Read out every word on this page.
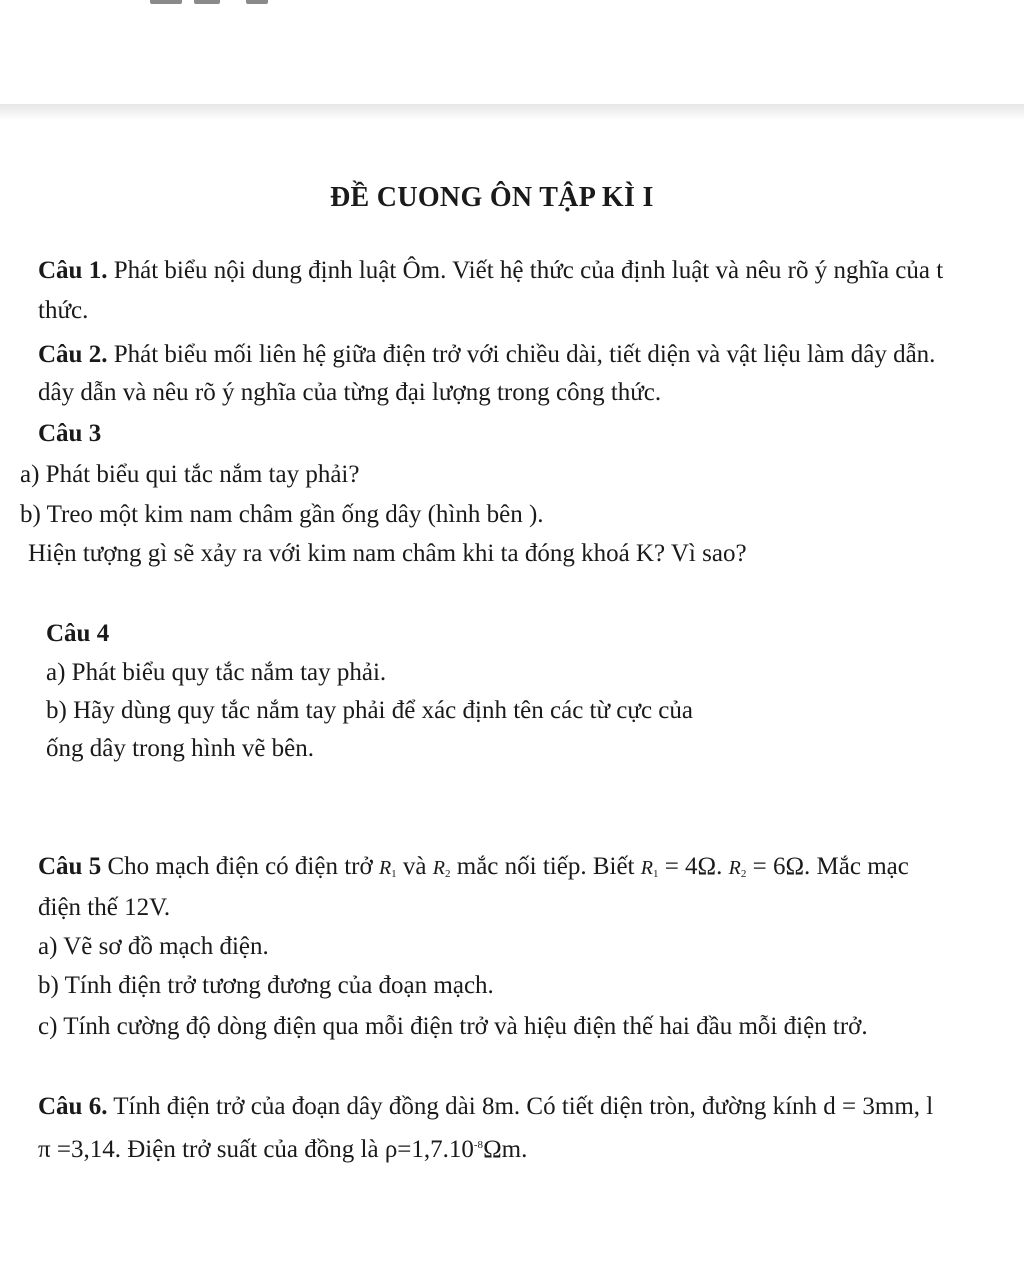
ĐỀ CUONG ÔN TẬP KÌ I
Câu 1. Phát biểu nội dung định luật Ôm. Viết hệ thức của định luật và nêu rõ ý nghĩa của t
thức.
Câu 2. Phát biểu mối liên hệ giữa điện trở với chiều dài, tiết diện và vật liệu làm dây dẫn.
dây dẫn và nêu rõ ý nghĩa của từng đại lượng trong công thức.
Câu 3
a) Phát biểu qui tắc nắm tay phải?
b) Treo một kim nam châm gần ống dây (hình bên ).
Hiện tượng gì sẽ xảy ra với kim nam châm khi ta đóng khoá K? Vì sao?
Câu 4
a) Phát biểu quy tắc nắm tay phải.
b) Hãy dùng quy tắc nắm tay phải để xác định tên các từ cực của
ống dây trong hình vẽ bên.
Câu 5 Cho mạch điện có điện trở $R_1$ và $R_2$ mắc nối tiếp. Biết $R_1 = 4\Omega$. $R_2 = 6\Omega$. Mắc mạc
điện thế 12V.
a) Vẽ sơ đồ mạch điện.
b) Tính điện trở tương đương của đoạn mạch.
c) Tính cường độ dòng điện qua mỗi điện trở và hiệu điện thế hai đầu mỗi điện trở.
Câu 6. Tính điện trở của đoạn dây đồng dài 8m. Có tiết diện tròn, đường kính d = 3mm, l
π =3,14. Điện trở suất của đồng là $\rho=1,7.10^{-8}\Omega m$.
